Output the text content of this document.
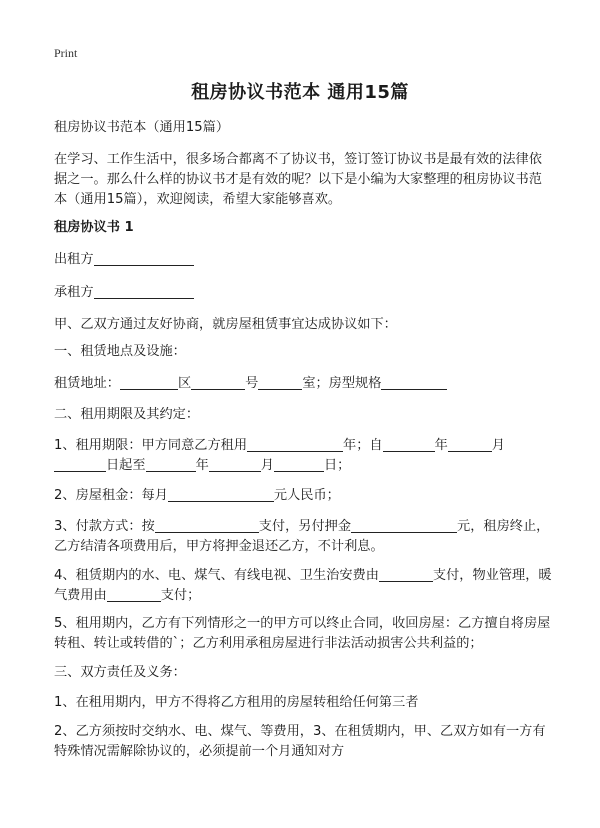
Print
租房协议书范本 通用15篇

租房协议书范本（通用15篇）

在学习、工作生活中，很多场合都离不了协议书，签订签订协议书是最有效的法律依据之一。那么什么样的协议书才是有效的呢？以下是小编为大家整理的租房协议书范本（通用15篇），欢迎阅读，希望大家能够喜欢。

租房协议书 1

出租方

承租方

甲、乙双方通过友好协商，就房屋租赁事宜达成协议如下：

一、租赁地点及设施：

租赁地址：	区	号	室；房型规格

二、租用期限及其约定：

1、租用期限：甲方同意乙方租用	年；自	年	月
日起至	年	月	日；

2、房屋租金：每月	元人民币；

3、付款方式：按	支付，另付押金	元，租房终止，乙方结清各项费用后，甲方将押金退还乙方，不计利息。

4、租赁期内的水、电、煤气、有线电视、卫生治安费由	支付，物业管理，暖气费用由	支付；

5、租用期内，乙方有下列情形之一的甲方可以终止合同，收回房屋：乙方擅自将房屋转租、转让或转借的`；乙方利用承租房屋进行非法活动损害公共利益的；

三、双方责任及义务：

1、在租用期内，甲方不得将乙方租用的房屋转租给任何第三者

2、乙方须按时交纳水、电、煤气、等费用，3、在租赁期内，甲、乙双方如有一方有特殊情况需解除协议的，必须提前一个月通知对方
